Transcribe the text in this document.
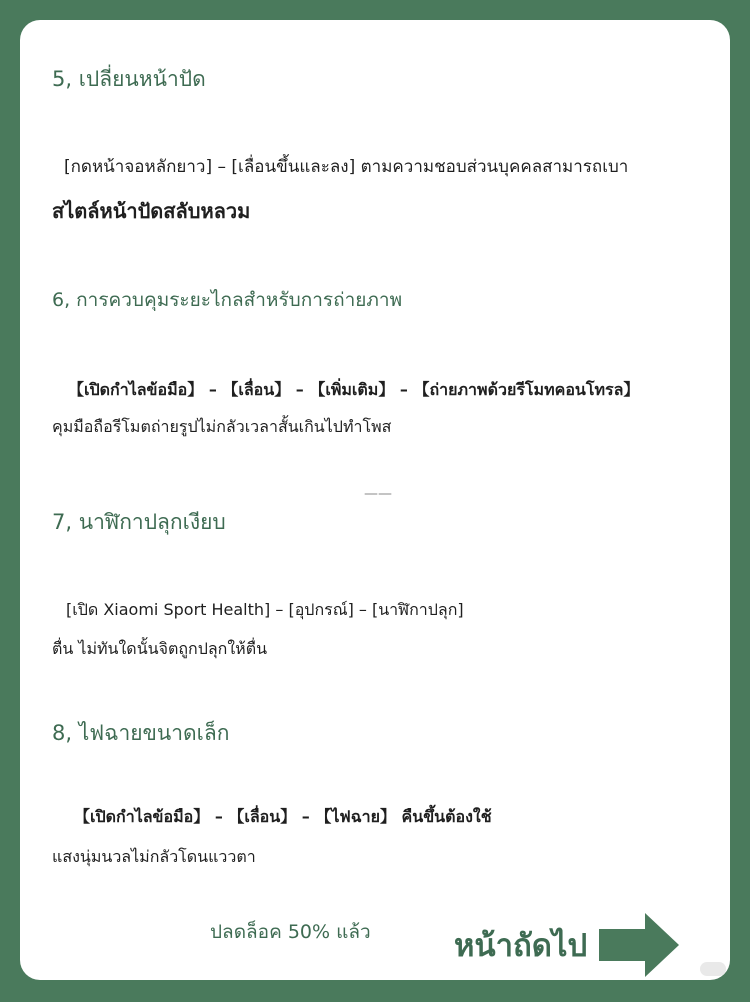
5, เปลี่ยนหน้าปัด
[กดหน้าจอหลักยาว] – [เลื่อนขึ้นและลง] ตามความชอบส่วนบุคคลสามารถเบา
สไตล์หน้าปัดสลับหลวม
6, การควบคุมระยะไกลสำหรับการถ่ายภาพ
【เปิดกำไลข้อมือ】 – 【เลื่อน】 – 【เพิ่มเติม】 – 【ถ่ายภาพด้วยรีโมทคอนโทรล】
คุมมือถือรีโมตถ่ายรูปไม่กลัวเวลาสั้นเกินไปทำโพส
——
7, นาฬิกาปลุกเงียบ
[เปิด Xiaomi Sport Health] – [อุปกรณ์] – [นาฬิกาปลุก]
ตื่น ไม่ทันใดนั้นจิตถูกปลุกให้ตื่น
8, ไฟฉายขนาดเล็ก
【เปิดกำไลข้อมือ】 – 【เลื่อน】 – 【ไฟฉาย】 คืนขึ้นต้องใช้
แสงนุ่มนวลไม่กลัวโดนแววตา
ปลดล็อค 50% แล้ว	หน้าถัดไป
